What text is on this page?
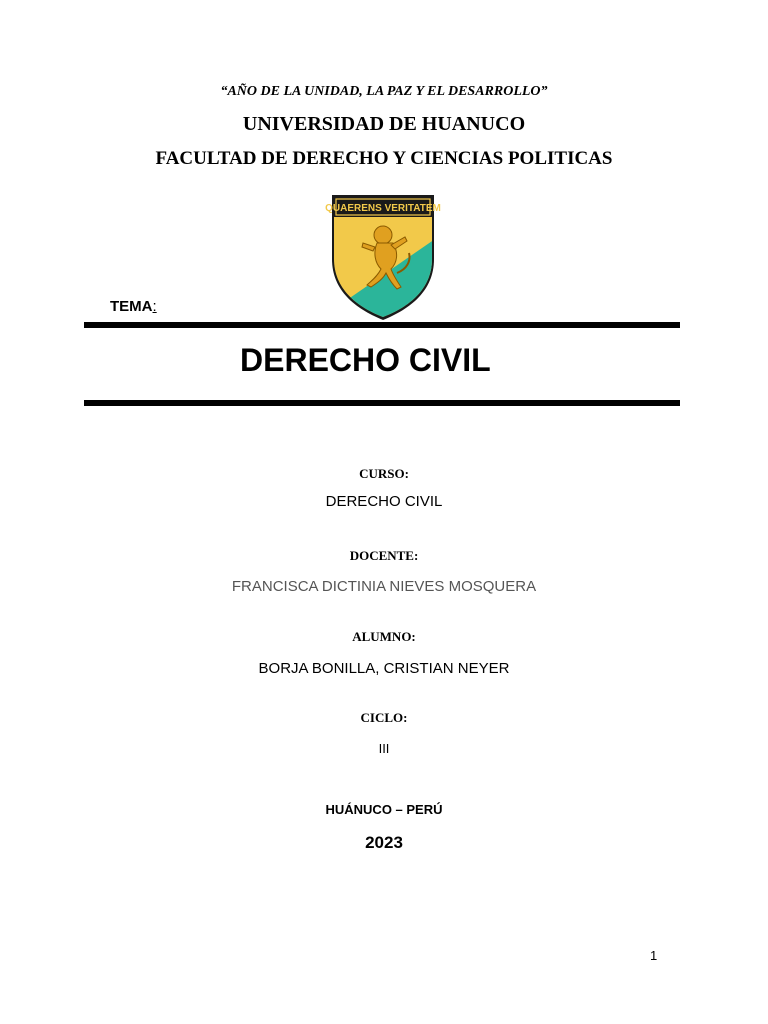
“AÑO DE LA UNIDAD, LA PAZ Y EL DESARROLLO”
UNIVERSIDAD DE HUANUCO
FACULTAD DE DERECHO Y CIENCIAS POLITICAS
QUAERENS VERITATEM
TEMA:
DERECHO CIVIL
CURSO:
DERECHO CIVIL
DOCENTE:
FRANCISCA DICTINIA NIEVES MOSQUERA
ALUMNO:
BORJA BONILLA, CRISTIAN NEYER
CICLO:
III
HUÁNUCO – PERÚ
2023
1
